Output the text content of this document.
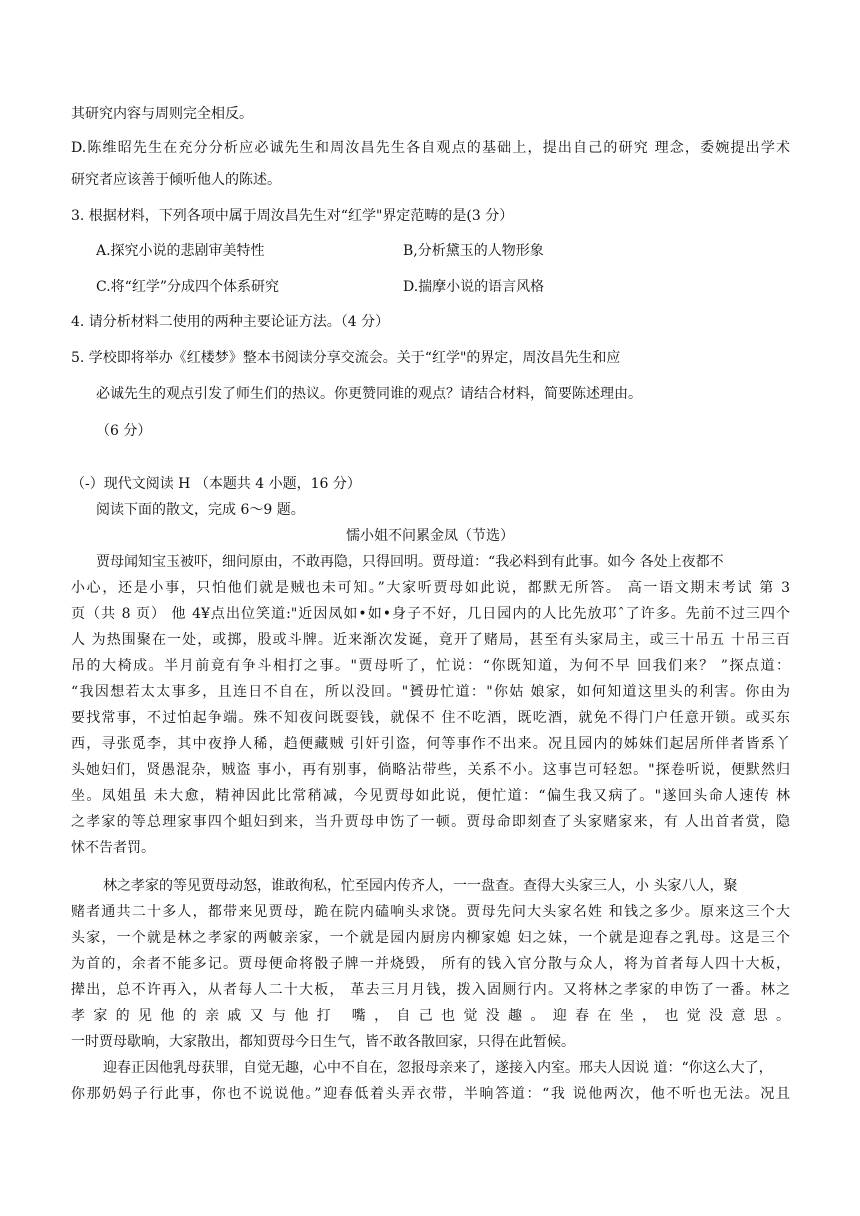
其研究内容与周则完全相反。
D.陈维昭先生在充分分析应必诚先生和周汝昌先生各自观点的基础上，提出自己的研究 理念，委婉提出学术
研究者应该善于倾听他人的陈述。
3. 根据材料，下列各项中属于周汝昌先生对“红学"界定范畴的是(3 分）
A.探究小说的悲剧审美特性	B,分析黛玉的人物形象
C.将“红学”分成四个体系研究	D.揣摩小说的语言风格
4. 请分析材料二使用的两种主要论证方法。（4 分）
5. 学校即将举办《红楼梦》整本书阅读分享交流会。关于“红学"的界定，周汝昌先生和应
必诚先生的观点引发了师生们的热议。你更赞同谁的观点？请结合材料，简要陈述理由。
（6 分）
（-）现代文阅读 H （本题共 4 小题，16 分）
阅读下面的散文，完成 6～9 题。
懦小姐不问累金凤（节选）
贾母闻知宝玉被吓，细问原由，不敢再隐，只得回明。贾母道：“我必料到有此事。如今 各处上夜都不
小心，还是小事，只怕他们就是贼也未可知。”大家听贾母如此说，都默无所答。 高一语文期末考试 第 3
页（共 8 页） 他 4¥点出位笑道:"近因凤如•如•身子不好，几日园内的人比先放邛ˆ了许多。先前不过三四个
人 为热围聚在一处，或掷，股或斗牌。近来渐次发诞，竟开了赌局，甚至有头家局主，或三十吊五 十吊三百
吊的大椅成。半月前竟有争斗相打之事。"贾母听了，忙说：“你既知道，为何不早 回我们来？ ”探点道：
“我因想若太太事多，且连日不自在，所以没回。"贇毋忙道："你姑 娘家，如何知道这里头的利害。你由为
要找常事，不过怕起争端。殊不知夜问既耍钱，就保不 住不吃酒，既吃酒，就免不得门户任意开锁。或买东
西，寻张觅李，其中夜挣人稀，趋便藏贼 引奸引盗，何等事作不出来。况且园内的姊妹们起居所伴者皆系丫
头她妇们，贤愚混杂，贼盗 事小，再有别事，倘略沾带些，关系不小。这事岂可轻恕。"探卷听说，便默然归
坐。凤姐虽 未大愈，精神因此比常稍减，今见贾母如此说，便忙道：“偏生我又病了。"遂回头命人速传 林
之孝家的等总理家事四个蛆妇到来，当升贾母申饬了一顿。贾母命即刻查了头家赌家来，有 人出首者赏，隐
怵不告者罚。
林之孝家的等见贾母动怒，谁敢徇私，忙至园内传齐人，一一盘查。查得大头家三人，小 头家八人，聚
赌者通共二十多人，都带来见贾母，跪在院内磕响头求饶。贾母先问大头家名姓 和钱之多少。原来这三个大
头家，一个就是林之孝家的两帔亲家，一个就是园内厨房内柳家媳 妇之妹，一个就是迎春之乳母。这是三个
为首的，余者不能多记。贾母便命将骰子牌一并烧毁， 所有的钱入官分散与众人，将为首者每人四十大板，
撵出，总不许再入，从者每人二十大板， 革去三月月钱，拨入固厕行内。又将林之孝家的申饬了一番。林之
孝家的见他的亲戚又与他打 嘴，自己也觉没趣。迎春在坐，也觉没意思。
一时贾母歇晌，大家散出，都知贾母今日生气，皆不敢各散回家，只得在此暂候。
迎春正因他乳母获罪，自觉无趣，心中不自在，忽报母亲来了，遂接入内室。邢夫人因说 道：“你这么大了，
你那奶妈子行此事，你也不说说他。”迎春低着头弄衣带，半晌答道：“我 说他两次，他不听也无法。况且
